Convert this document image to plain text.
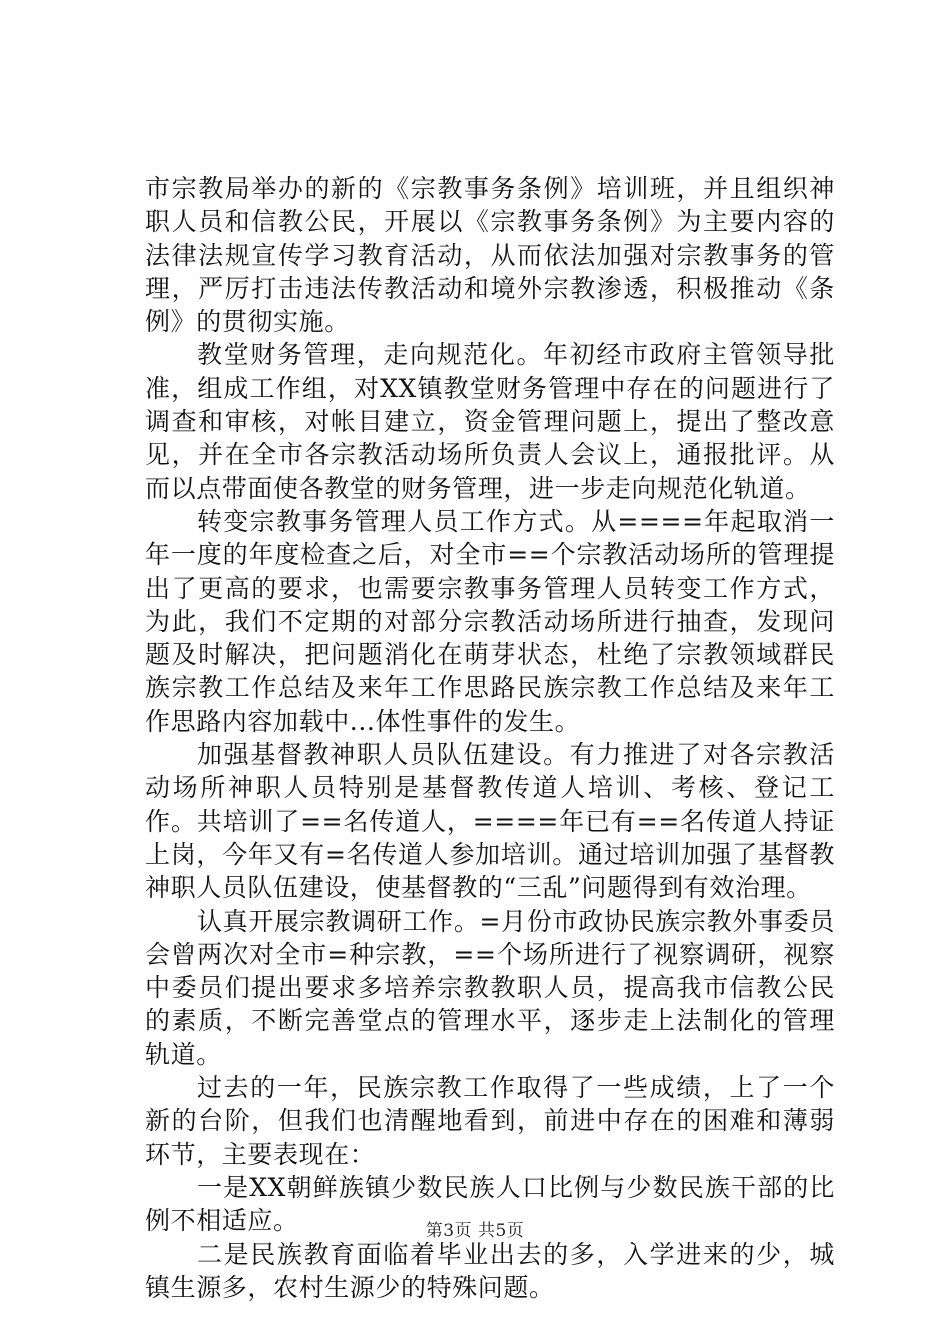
市宗教局举办的新的《宗教事务条例》培训班，并且组织神职人员和信教公民，开展以《宗教事务条例》为主要内容的法律法规宣传学习教育活动，从而依法加强对宗教事务的管理，严厉打击违法传教活动和境外宗教渗透，积极推动《条例》的贯彻实施。

教堂财务管理，走向规范化。年初经市政府主管领导批准，组成工作组，对XX镇教堂财务管理中存在的问题进行了调查和审核，对帐目建立，资金管理问题上，提出了整改意见，并在全市各宗教活动场所负责人会议上，通报批评。从而以点带面使各教堂的财务管理，进一步走向规范化轨道。

转变宗教事务管理人员工作方式。从====年起取消一年一度的年度检查之后，对全市==个宗教活动场所的管理提出了更高的要求，也需要宗教事务管理人员转变工作方式，为此，我们不定期的对部分宗教活动场所进行抽查，发现问题及时解决，把问题消化在萌芽状态，杜绝了宗教领域群民族宗教工作总结及来年工作思路民族宗教工作总结及来年工作思路内容加载中...体性事件的发生。

加强基督教神职人员队伍建设。有力推进了对各宗教活动场所神职人员特别是基督教传道人培训、考核、登记工作。共培训了==名传道人，====年已有==名传道人持证上岗，今年又有=名传道人参加培训。通过培训加强了基督教神职人员队伍建设，使基督教的“三乱”问题得到有效治理。

认真开展宗教调研工作。=月份市政协民族宗教外事委员会曾两次对全市=种宗教，==个场所进行了视察调研，视察中委员们提出要求多培养宗教教职人员，提高我市信教公民的素质，不断完善堂点的管理水平，逐步走上法制化的管理轨道。

过去的一年，民族宗教工作取得了一些成绩，上了一个新的台阶，但我们也清醒地看到，前进中存在的困难和薄弱环节，主要表现在：

一是XX朝鲜族镇少数民族人口比例与少数民族干部的比例不相适应。

二是民族教育面临着毕业出去的多，入学进来的少，城镇生源多，农村生源少的特殊问题。

第3页 共5页
